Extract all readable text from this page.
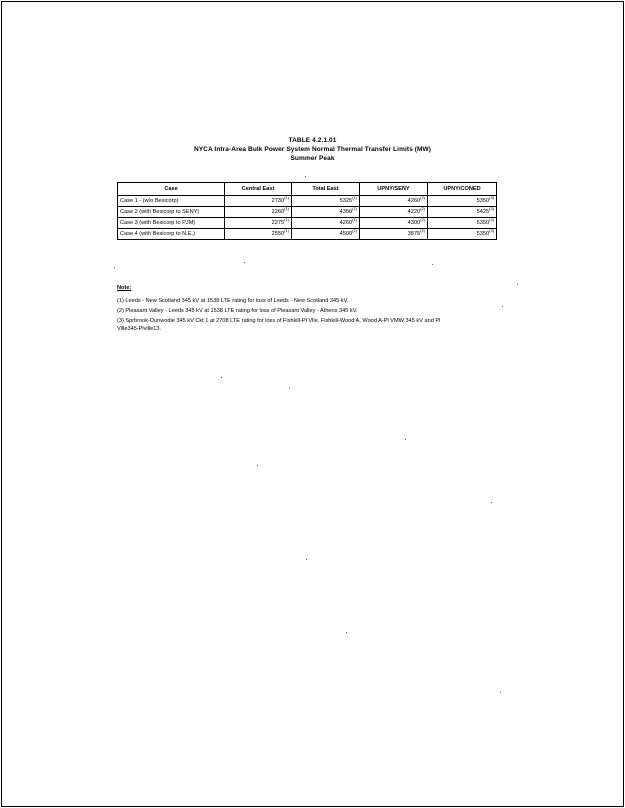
TABLE 4.2.1.01
NYCA Intra-Area Bulk Power System Normal Thermal Transfer Limits (MW)
Summer Peak
Case	Central East	Total East	UPNY/SENY	UPNY/CONED
Case 1 - (w/o Besicorp)	2730$^{(1)}$	5325$^{(1)}$	4260$^{(2)}$	5350$^{(3)}$
Case 2 (with Besicorp to SENY)	2260$^{(1)}$	4350$^{(1)}$	4220$^{(2)}$	5425$^{(3)}$
Case 3 (with Besicorp to PJM)	2275$^{(1)}$	4260$^{(1)}$	4300$^{(2)}$	5350$^{(3)}$
Case 4 (with Besicorp to N.E.)	2550$^{(1)}$	4500$^{(1)}$	3875$^{(2)}$	5350$^{(3)}$
Note:
(1) Leeds - New Scotland 345 kV at 1538 LTE rating for loss of Leeds - New Scotland 345 kV.
(2) Pleasant Valley - Leeds 345 kV at 1538 LTE rating for loss of Pleasant Valley - Athens 345 kV.
(3) Sprbrook-Dunwodie 345 kV Ckt 1 at 2708 LTE rating for loss of Fishkill-Pl Vlle, Fishkill-Wood A, Wood A-Pl VMW 345 kV and Pl Ville345-Plville13.
